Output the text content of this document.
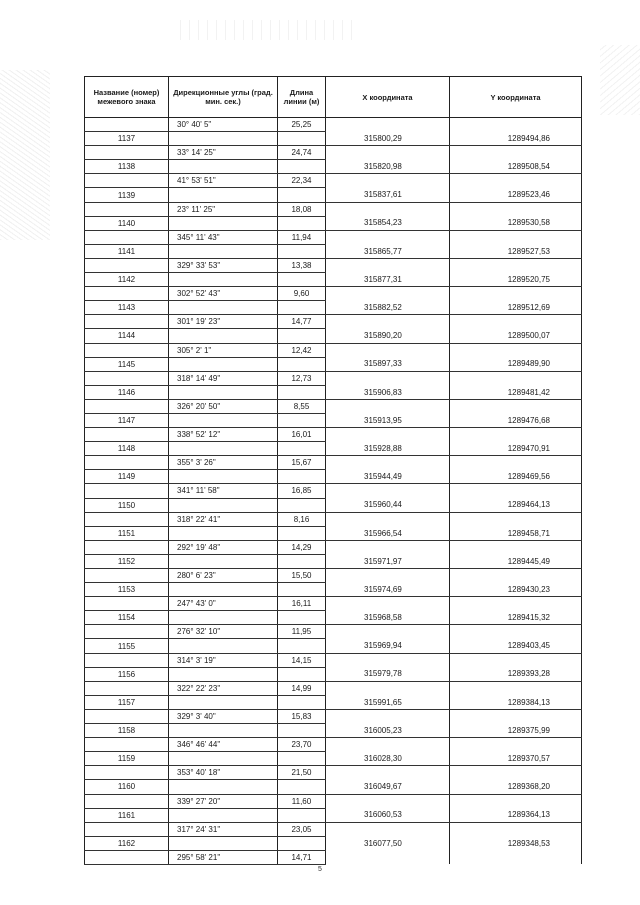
Название (номер) межевого знака	Дирекционные углы (град. мин. сек.)	Длина линии (м)	X координата	Y координата
	30° 40' 5"	25,25		
1137			315800,29	1289494,86
	33° 14' 25"	24,74		
1138			315820,98	1289508,54
	41° 53' 51"	22,34		
1139			315837,61	1289523,46
	23° 11' 25"	18,08		
1140			315854,23	1289530,58
	345° 11' 43"	11,94		
1141			315865,77	1289527,53
	329° 33' 53"	13,38		
1142			315877,31	1289520,75
	302° 52' 43"	9,60		
1143			315882,52	1289512,69
	301° 19' 23"	14,77		
1144			315890,20	1289500,07
	305° 2' 1"	12,42		
1145			315897,33	1289489,90
	318° 14' 49"	12,73		
1146			315906,83	1289481,42
	326° 20' 50"	8,55		
1147			315913,95	1289476,68
	338° 52' 12"	16,01		
1148			315928,88	1289470,91
	355° 3' 26"	15,67		
1149			315944,49	1289469,56
	341° 11' 58"	16,85		
1150			315960,44	1289464,13
	318° 22' 41"	8,16		
1151			315966,54	1289458,71
	292° 19' 48"	14,29		
1152			315971,97	1289445,49
	280° 6' 23"	15,50		
1153			315974,69	1289430,23
	247° 43' 0"	16,11		
1154			315968,58	1289415,32
	276° 32' 10"	11,95		
1155			315969,94	1289403,45
	314° 3' 19"	14,15		
1156			315979,78	1289393,28
	322° 22' 23"	14,99		
1157			315991,65	1289384,13
	329° 3' 40"	15,83		
1158			316005,23	1289375,99
	346° 46' 44"	23,70		
1159			316028,30	1289370,57
	353° 40' 18"	21,50		
1160			316049,67	1289368,20
	339° 27' 20"	11,60		
1161			316060,53	1289364,13
	317° 24' 31"	23,05		
1162			316077,50	1289348,53
	295° 58' 21"	14,71		
5
